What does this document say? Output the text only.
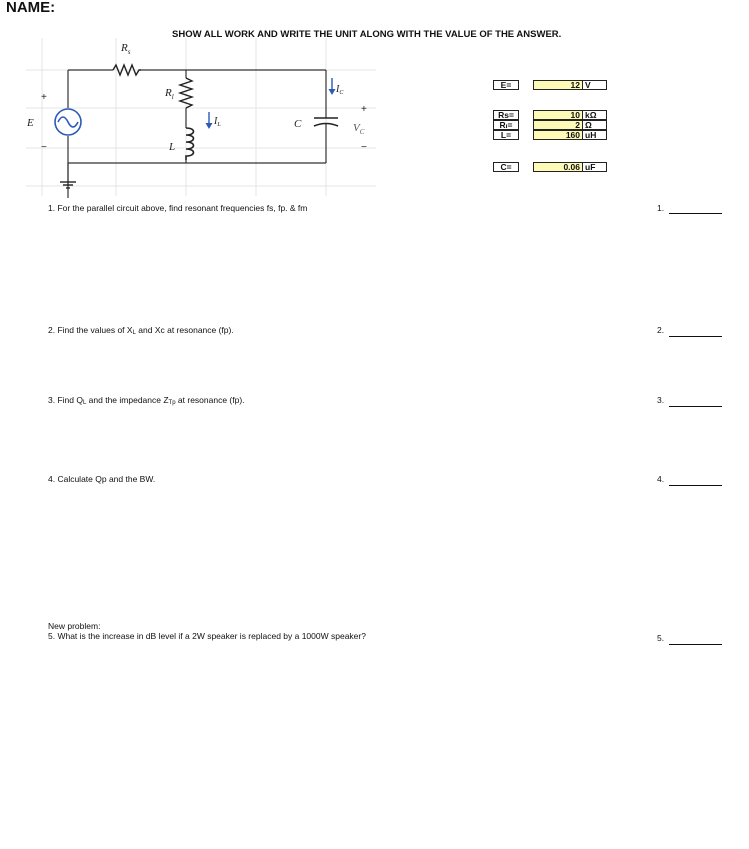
NAME:
SHOW ALL WORK AND WRITE THE UNIT ALONG WITH THE VALUE OF THE ANSWER.
$R_s$
$R_l$
L
$I_L$	C
$I_C$
+
$V_C$
−
+
E
−
E=	12 V
Rs=	10 kΩ
Rₗ=	2 Ω
L=	160 uH
C=	0.06 uF
1. For the parallel circuit above, find resonant frequencies fs, fp. & fm
2. Find the values of XL and Xc at resonance (fp).
3. Find QL and the impedance ZTp at resonance (fp).
4. Calculate Qp and the BW.
New problem:
5. What is the increase in dB level if a 2W speaker is replaced by a 1000W speaker?
1.
2.
3.
4.
5.
